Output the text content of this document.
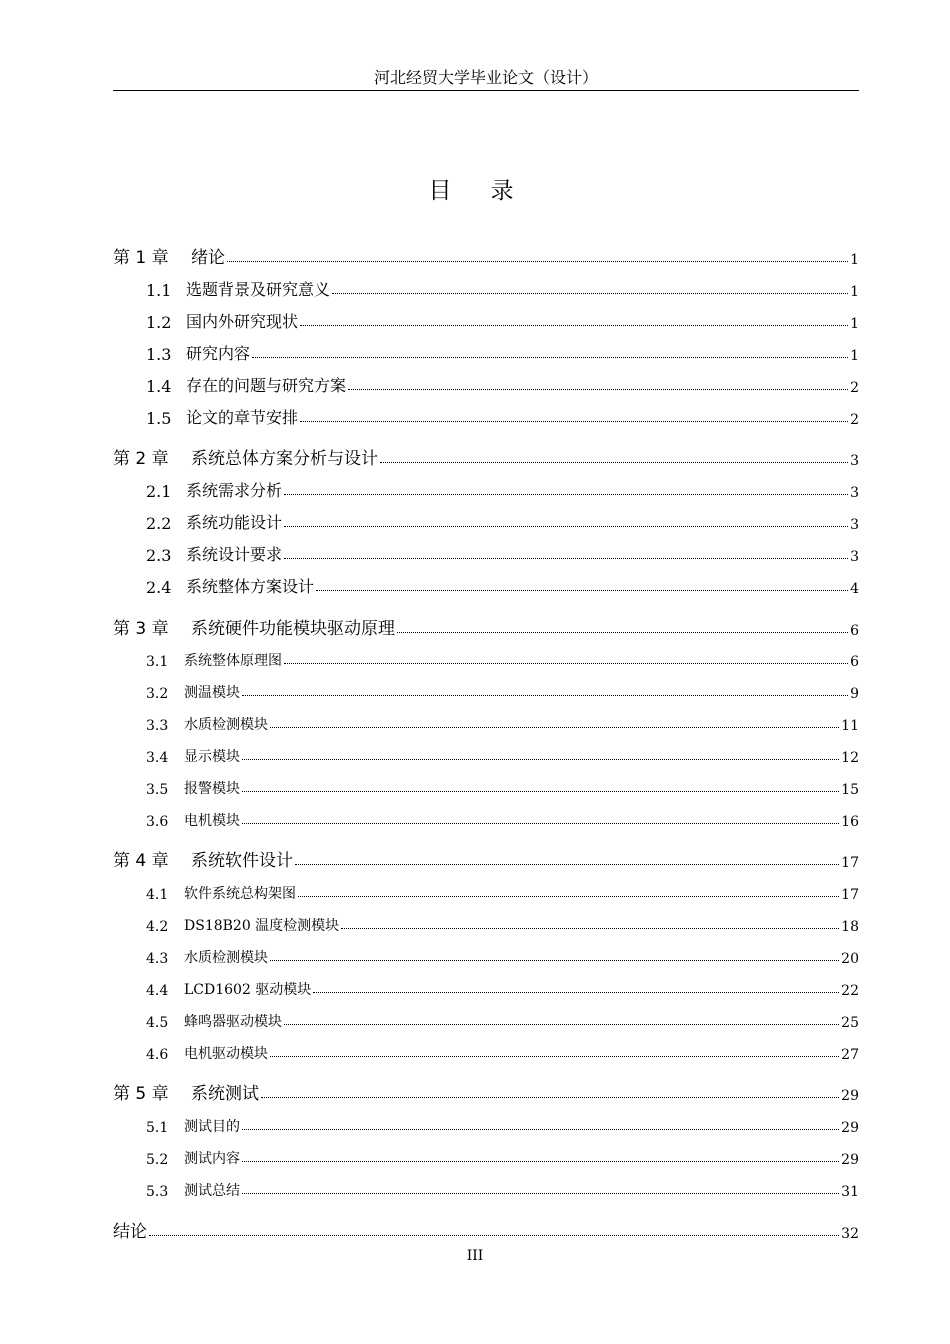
河北经贸大学毕业论文（设计）
目　录
第 1 章	绪论	1
1.1 选题背景及研究意义	1
1.2 国内外研究现状	1
1.3 研究内容	1
1.4 存在的问题与研究方案	2
1.5 论文的章节安排	2
第 2 章	系统总体方案分析与设计	3
2.1 系统需求分析	3
2.2 系统功能设计	3
2.3 系统设计要求	3
2.4 系统整体方案设计	4
第 3 章	系统硬件功能模块驱动原理	6
3.1	系统整体原理图	6
3.2	测温模块	9
3.3	水质检测模块	11
3.4	显示模块	12
3.5	报警模块	15
3.6	电机模块	16
第 4 章	系统软件设计	17
4.1	软件系统总构架图	17
4.2	DS18B20 温度检测模块	18
4.3	水质检测模块	20
4.4	LCD1602 驱动模块	22
4.5	蜂鸣器驱动模块	25
4.6	电机驱动模块	27
第 5 章	系统测试	29
5.1	测试目的	29
5.2	测试内容	29
5.3	测试总结	31
结论	32
III
